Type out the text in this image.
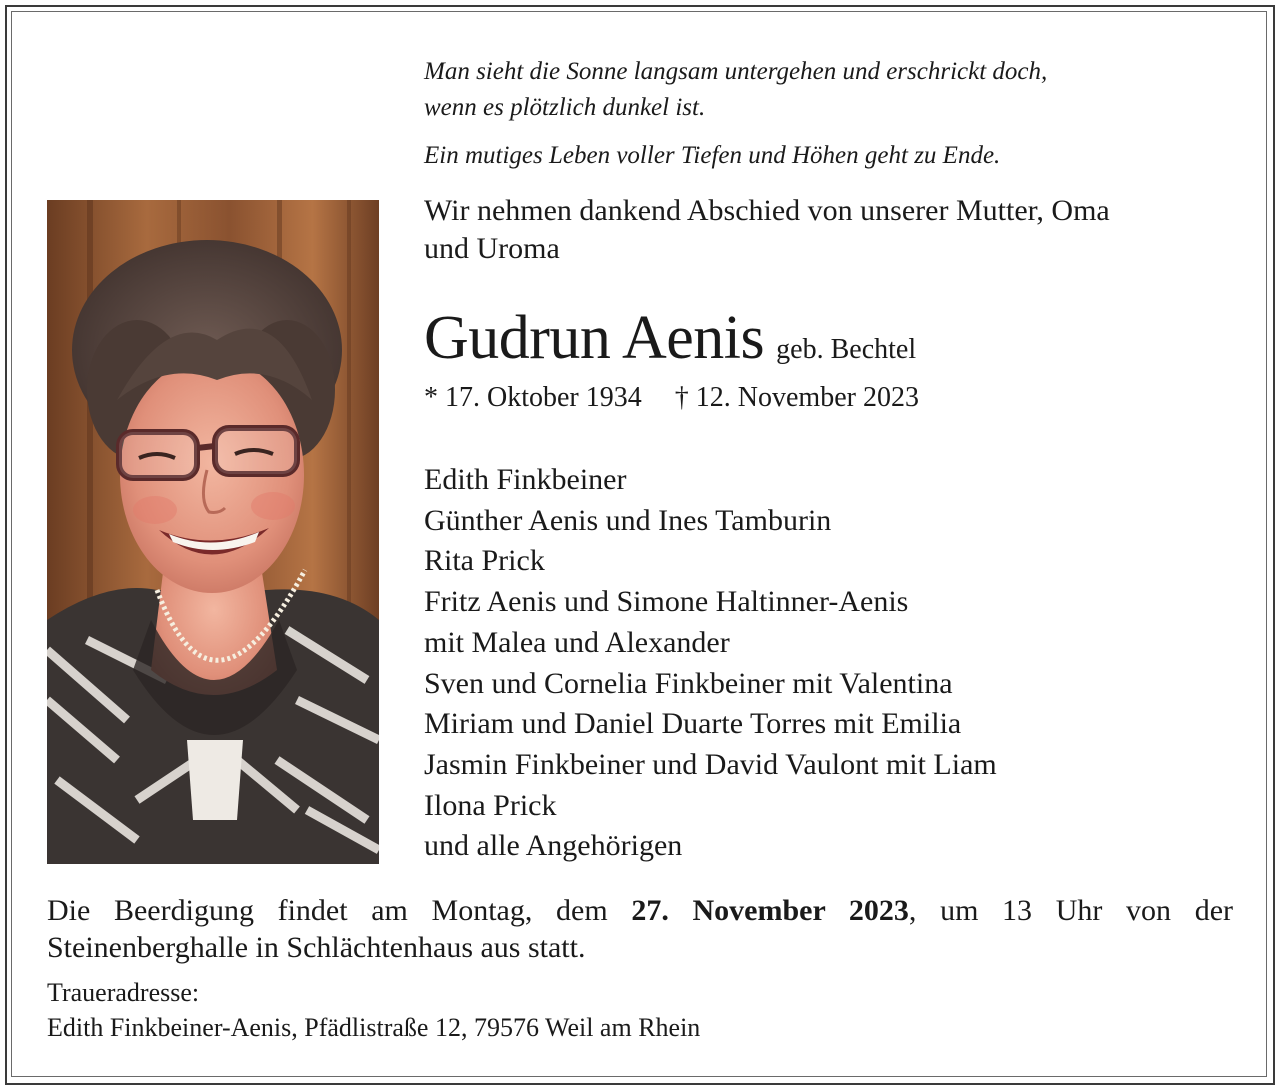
Man sieht die Sonne langsam untergehen und erschrickt doch,

wenn es plötzlich dunkel ist.

Ein mutiges Leben voller Tiefen und Höhen geht zu Ende.

Wir nehmen dankend Abschied von unserer Mutter, Oma
und Uroma
Gudrun Aenis geb. Bechtel
* 17. Oktober 1934 † 12. November 2023
Edith Finkbeiner
Günther Aenis und Ines Tamburin
Rita Prick
Fritz Aenis und Simone Haltinner-Aenis
mit Malea und Alexander
Sven und Cornelia Finkbeiner mit Valentina
Miriam und Daniel Duarte Torres mit Emilia
Jasmin Finkbeiner und David Vaulont mit Liam
Ilona Prick
und alle Angehörigen
Die Beerdigung findet am Montag, dem 27. November 2023, um 13 Uhr von der
Steinenberghalle in Schlächtenhaus aus statt.
Traueradresse:
Edith Finkbeiner-Aenis, Pfädlistraße 12, 79576 Weil am Rhein
